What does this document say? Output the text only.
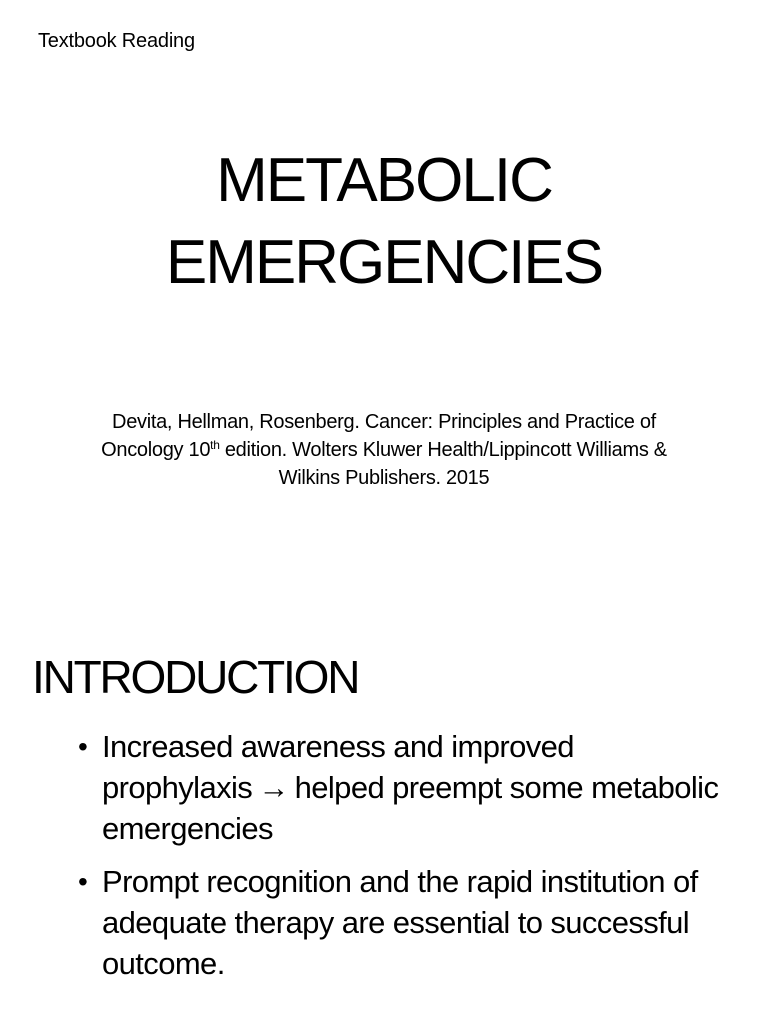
Textbook Reading
METABOLIC
EMERGENCIES

Devita, Hellman, Rosenberg. Cancer: Principles and Practice of Oncology 10th edition. Wolters Kluwer Health/Lippincott Williams & Wilkins Publishers. 2015

INTRODUCTION
• Increased awareness and improved prophylaxis → helped preempt some metabolic emergencies
• Prompt recognition and the rapid institution of adequate therapy are essential to successful outcome.
